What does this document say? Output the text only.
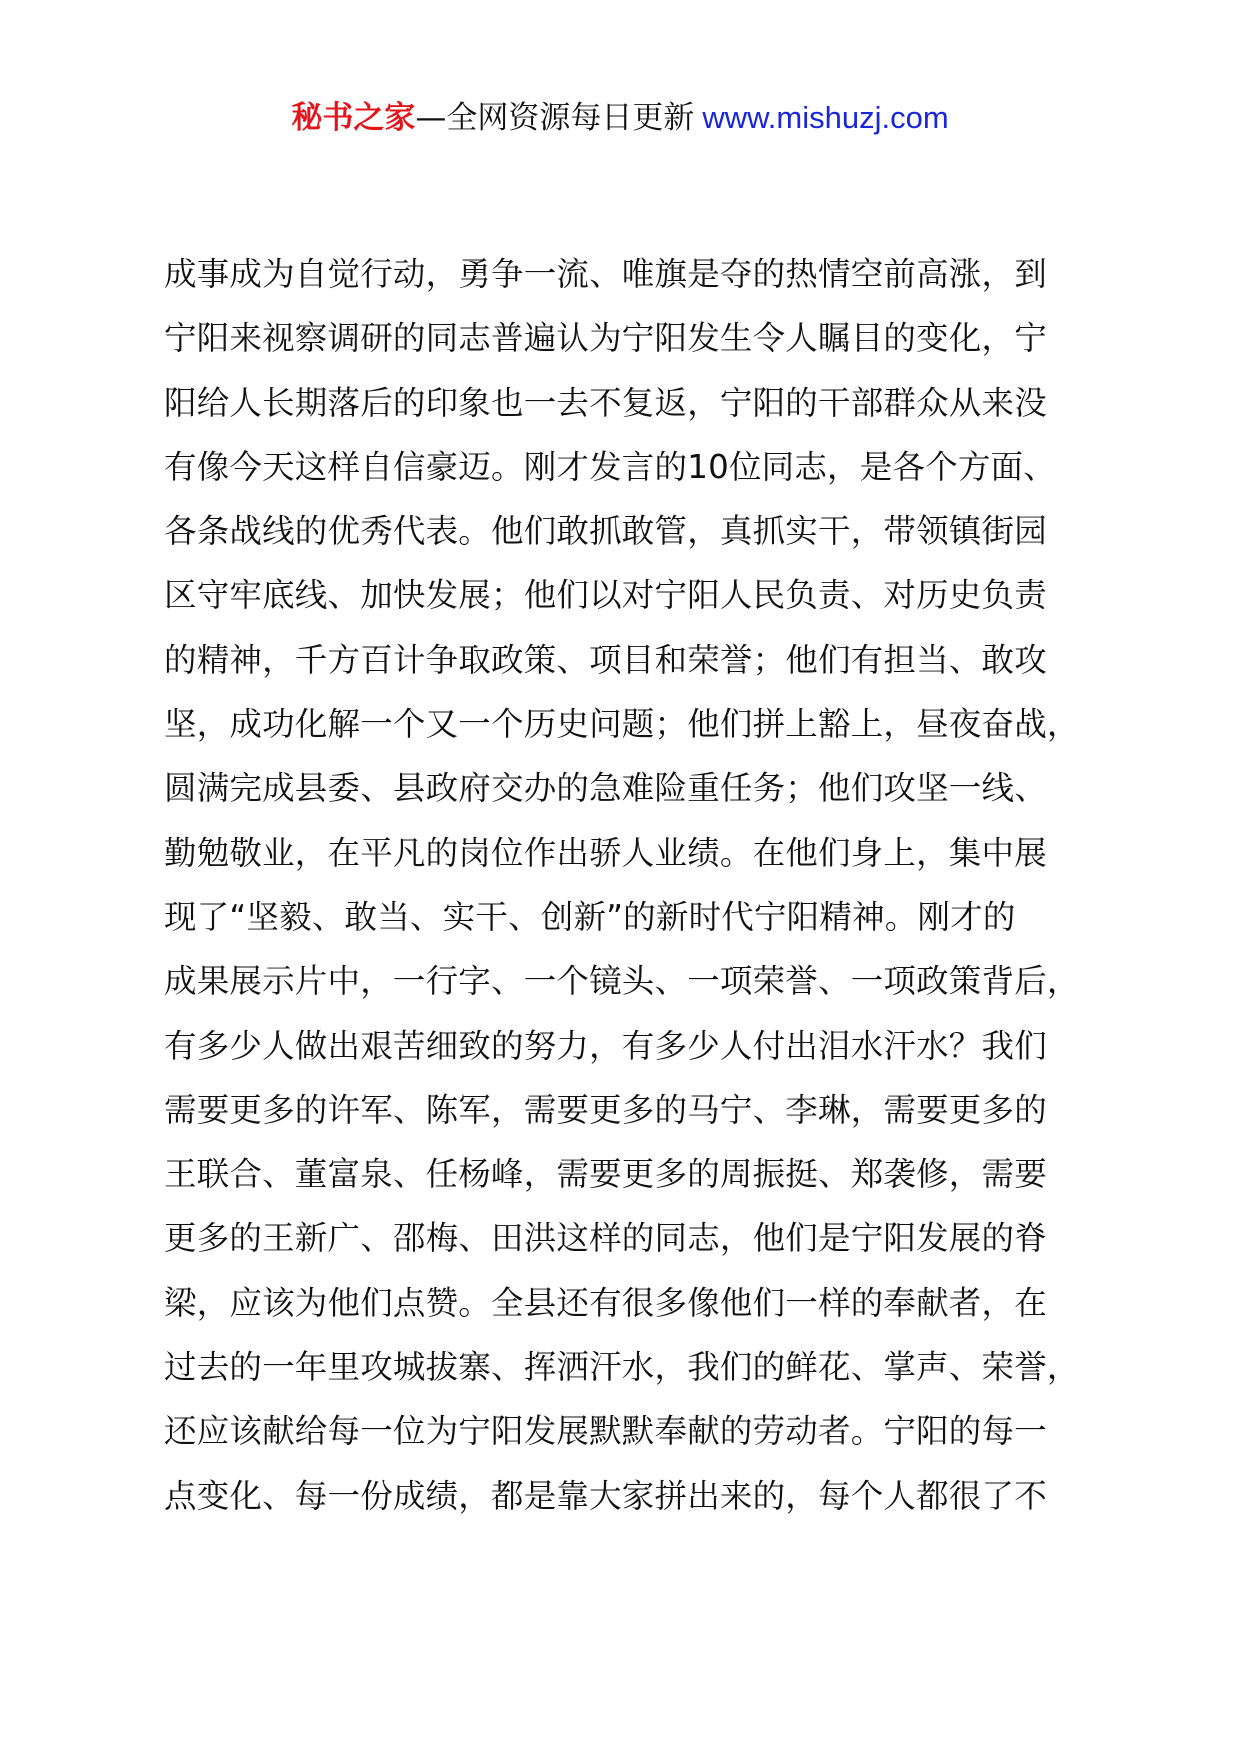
秘书之家—全网资源每日更新 www.mishuzj.com
成事成为自觉行动，勇争一流、唯旗是夺的热情空前高涨，到
宁阳来视察调研的同志普遍认为宁阳发生令人瞩目的变化，宁
阳给人长期落后的印象也一去不复返，宁阳的干部群众从来没
有像今天这样自信豪迈。刚才发言的10位同志，是各个方面、
各条战线的优秀代表。他们敢抓敢管，真抓实干，带领镇街园
区守牢底线、加快发展；他们以对宁阳人民负责、对历史负责
的精神，千方百计争取政策、项目和荣誉；他们有担当、敢攻
坚，成功化解一个又一个历史问题；他们拼上豁上，昼夜奋战，
圆满完成县委、县政府交办的急难险重任务；他们攻坚一线、
勤勉敬业，在平凡的岗位作出骄人业绩。在他们身上，集中展
现了“坚毅、敢当、实干、创新”的新时代宁阳精神。刚才的
成果展示片中，一行字、一个镜头、一项荣誉、一项政策背后，
有多少人做出艰苦细致的努力，有多少人付出泪水汗水？我们
需要更多的许军、陈军，需要更多的马宁、李琳，需要更多的
王联合、董富泉、任杨峰，需要更多的周振挺、郑袭修，需要
更多的王新广、邵梅、田洪这样的同志，他们是宁阳发展的脊
梁，应该为他们点赞。全县还有很多像他们一样的奉献者，在
过去的一年里攻城拔寨、挥洒汗水，我们的鲜花、掌声、荣誉，
还应该献给每一位为宁阳发展默默奉献的劳动者。宁阳的每一
点变化、每一份成绩，都是靠大家拼出来的，每个人都很了不
